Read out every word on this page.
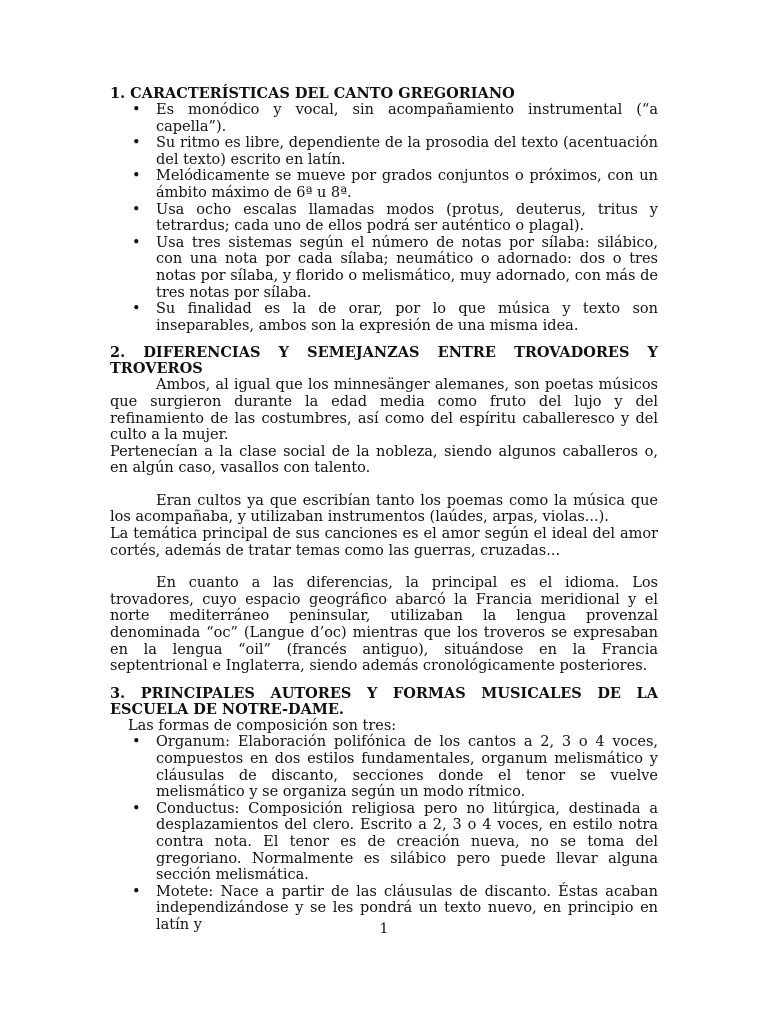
1. CARACTERÍSTICAS DEL CANTO GREGORIANO
• Es monódico y vocal, sin acompañamiento instrumental (“a capella”).
• Su ritmo es libre, dependiente de la prosodia del texto (acentuación del texto) escrito en latín.
• Melódicamente se mueve por grados conjuntos o próximos, con un ámbito máximo de 6ª u 8ª.
• Usa ocho escalas llamadas modos (protus, deuterus, tritus y tetrardus; cada uno de ellos podrá ser auténtico o plagal).
• Usa tres sistemas según el número de notas por sílaba: silábico, con una nota por cada sílaba; neumático o adornado: dos o tres notas por sílaba, y florido o melismático, muy adornado, con más de tres notas por sílaba.
• Su finalidad es la de orar, por lo que música y texto son inseparables, ambos son la expresión de una misma idea.
2. DIFERENCIAS Y SEMEJANZAS ENTRE TROVADORES Y TROVEROS

Ambos, al igual que los minnesänger alemanes, son poetas músicos que surgieron durante la edad media como fruto del lujo y del refinamiento de las costumbres, así como del espíritu caballeresco y del culto a la mujer.

Pertenecían a la clase social de la nobleza, siendo algunos caballeros o, en algún caso, vasallos con talento.

Eran cultos ya que escribían tanto los poemas como la música que los acompañaba, y utilizaban instrumentos (laúdes, arpas, violas...).

La temática principal de sus canciones es el amor según el ideal del amor cortés, además de tratar temas como las guerras, cruzadas...

En cuanto a las diferencias, la principal es el idioma. Los trovadores, cuyo espacio geográfico abarcó la Francia meridional y el norte mediterráneo peninsular, utilizaban la lengua provenzal denominada “oc” (Langue d’oc) mientras que los troveros se expresaban en la lengua “oil” (francés antiguo), situándose en la Francia septentrional e Inglaterra, siendo además cronológicamente posteriores.

3. PRINCIPALES AUTORES Y FORMAS MUSICALES DE LA ESCUELA DE NOTRE-DAME.

Las formas de composición son tres:

• Organum: Elaboración polifónica de los cantos a 2, 3 o 4 voces, compuestos en dos estilos fundamentales, organum melismático y cláusulas de discanto, secciones donde el tenor se vuelve melismático y se organiza según un modo rítmico.
• Conductus: Composición religiosa pero no litúrgica, destinada a desplazamientos del clero. Escrito a 2, 3 o 4 voces, en estilo notra contra nota. El tenor es de creación nueva, no se toma del gregoriano. Normalmente es silábico pero puede llevar alguna sección melismática.
• Motete: Nace a partir de las cláusulas de discanto. Éstas acaban independizándose y se les pondrá un texto nuevo, en principio en latín y	1
